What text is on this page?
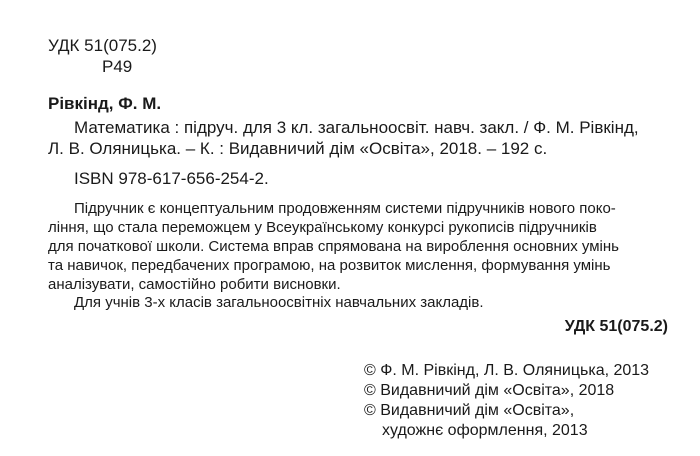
УДК 51(075.2)
Р49
Рівкінд, Ф. М.
Математика : підруч. для 3 кл. загальноосвіт. навч. закл. / Ф. М. Рівкінд,
Л. В. Оляницька. – К. : Видавничий дім «Освіта», 2018. – 192 с.
ISBN 978-617-656-254-2.
Підручник є концептуальним продовженням системи підручників нового поко-
ління, що стала переможцем у Всеукраїнському конкурсі рукописів підручників
для початкової школи. Система вправ спрямована на вироблення основних умінь
та навичок, передбачених програмою, на розвиток мислення, формування умінь
аналізувати, самостійно робити висновки.
Для учнів 3-х класів загальноосвітніх навчальних закладів.
УДК 51(075.2)
© Ф. М. Рівкінд, Л. В. Оляницька, 2013
© Видавничий дім «Освіта», 2018
© Видавничий дім «Освіта»,
художнє оформлення, 2013
